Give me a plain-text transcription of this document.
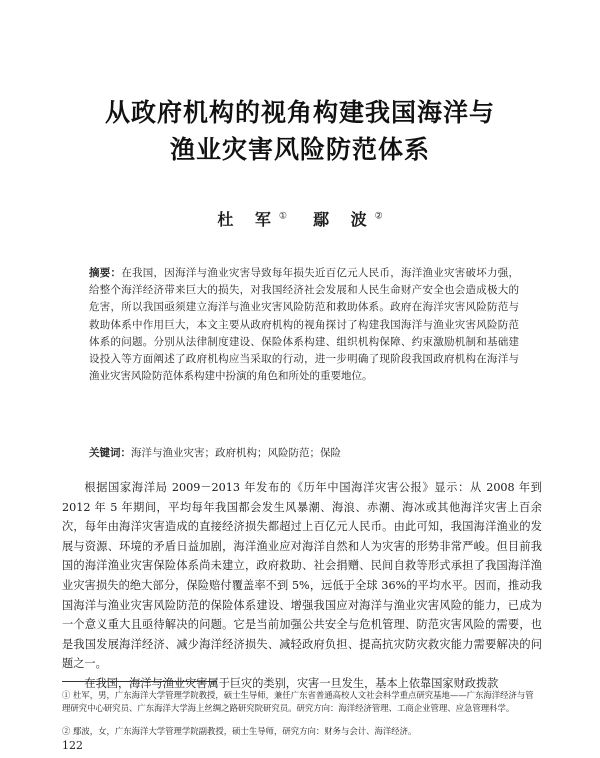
从政府机构的视角构建我国海洋与
渔业灾害风险防范体系
杜 军① 鄢 波②
摘要：在我国，因海洋与渔业灾害导致每年损失近百亿元人民币，海洋渔业灾害破坏力强，给整个海洋经济带来巨大的损失，对我国经济社会发展和人民生命财产安全也会造成极大的危害，所以我国亟须建立海洋与渔业灾害风险防范和救助体系。政府在海洋灾害风险防范与救助体系中作用巨大，本文主要从政府机构的视角探讨了构建我国海洋与渔业灾害风险防范体系的问题。分别从法律制度建设、保险体系构建、组织机构保障、约束激励机制和基础建设投入等方面阐述了政府机构应当采取的行动，进一步明确了现阶段我国政府机构在海洋与渔业灾害风险防范体系构建中扮演的角色和所处的重要地位。
关键词：海洋与渔业灾害；政府机构；风险防范；保险

根据国家海洋局 2009－2013 年发布的《历年中国海洋灾害公报》显示：从 2008 年到 2012 年 5 年期间，平均每年我国都会发生风暴潮、海浪、赤潮、海冰或其他海洋灾害上百余次，每年由海洋灾害造成的直接经济损失都超过上百亿元人民币。由此可知，我国海洋渔业的发展与资源、环境的矛盾日益加剧，海洋渔业应对海洋自然和人为灾害的形势非常严峻。但目前我国的海洋渔业灾害保险体系尚未建立，政府救助、社会捐赠、民间自救等形式承担了我国海洋渔业灾害损失的绝大部分，保险赔付覆盖率不到 5%，远低于全球 36%的平均水平。因而，推动我国海洋与渔业灾害风险防范的保险体系建设、增强我国应对海洋与渔业灾害风险的能力，已成为一个意义重大且亟待解决的问题。它是当前加强公共安全与危机管理、防范灾害风险的需要，也是我国发展海洋经济、减少海洋经济损失、减轻政府负担、提高抗灾防灾救灾能力需要解决的问题之一。

在我国，海洋与渔业灾害属于巨灾的类别，灾害一旦发生，基本上依靠国家财政拨款

① 杜军，男，广东海洋大学管理学院教授，硕士生导师，兼任广东省普通高校人文社会科学重点研究基地——广东海洋经济与管理研究中心研究员、广东海洋大学海上丝绸之路研究院研究员。研究方向：海洋经济管理、工商企业管理、应急管理科学。
② 鄢波，女，广东海洋大学管理学院副教授，硕士生导师，研究方向：财务与会计、海洋经济。
122
